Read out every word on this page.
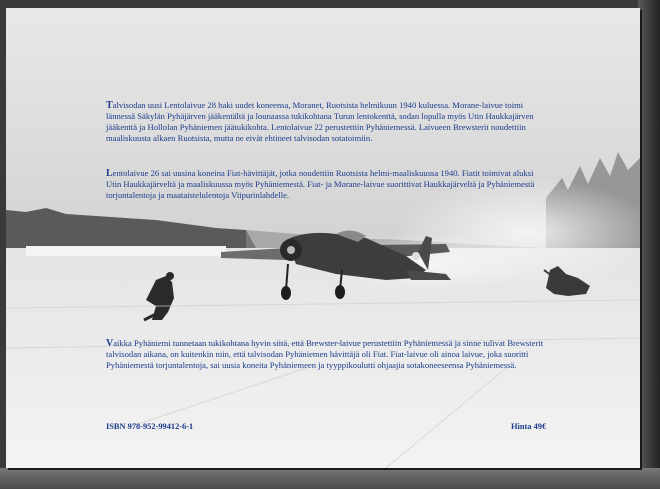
Talvisodan uusi Lentolaivue 28 haki uudet koneensa, Moranet, Ruotsista helmikuun 1940 kuluessa. Morane-laivue toimi lännessä Säkylän Pyhäjärven jääkentältä ja lounaassa tukikohtana Turun lentokenttä, sodan lopulla myös Utin Haukkajärven jääkenttä ja Hollolan Pyhäniemen jäätukikohta. Lentolaivue 22 perustettiin Pyhäniemessä. Laivueen Brewsterit noudettiin maaliskuusta alkaen Ruotsista, mutta ne eivät ehtineet talvisodan sotatoimiin.

Lentolaivue 26 sai uusina koneina Fiat-hävittäjät, jotka noudettiin Ruotsista helmi-maaliskuussa 1940. Fiatit toimivat aluksi Utin Haukkajärveltä ja maaliskuussa myös Pyhäniemestä. Fiat- ja Morane-laivue suorittivat Haukkajärveltä ja Pyhäniemestä torjuntalentoja ja maataistelulentoja Viipurinlahdelle.

Vaikka Pyhäniemi tunnetaan tukikohtana hyvin siitä, että Brewster-laivue perustettiin Pyhäniemessä ja sinne tulivat Brewsterit talvisodan aikana, on kuitenkin niin, että talvisodan Pyhäniemen hävittäjä oli Fiat. Fiat-laivue oli ainoa laivue, joka suoritti Pyhäniemestä torjuntalentoja, sai uusia koneita Pyhäniemeen ja tyyppikoulutti ohjaajia sotakoneeseensa Pyhäniemessä.

ISBN 978-952-99412-6-1	Hinta 49€
